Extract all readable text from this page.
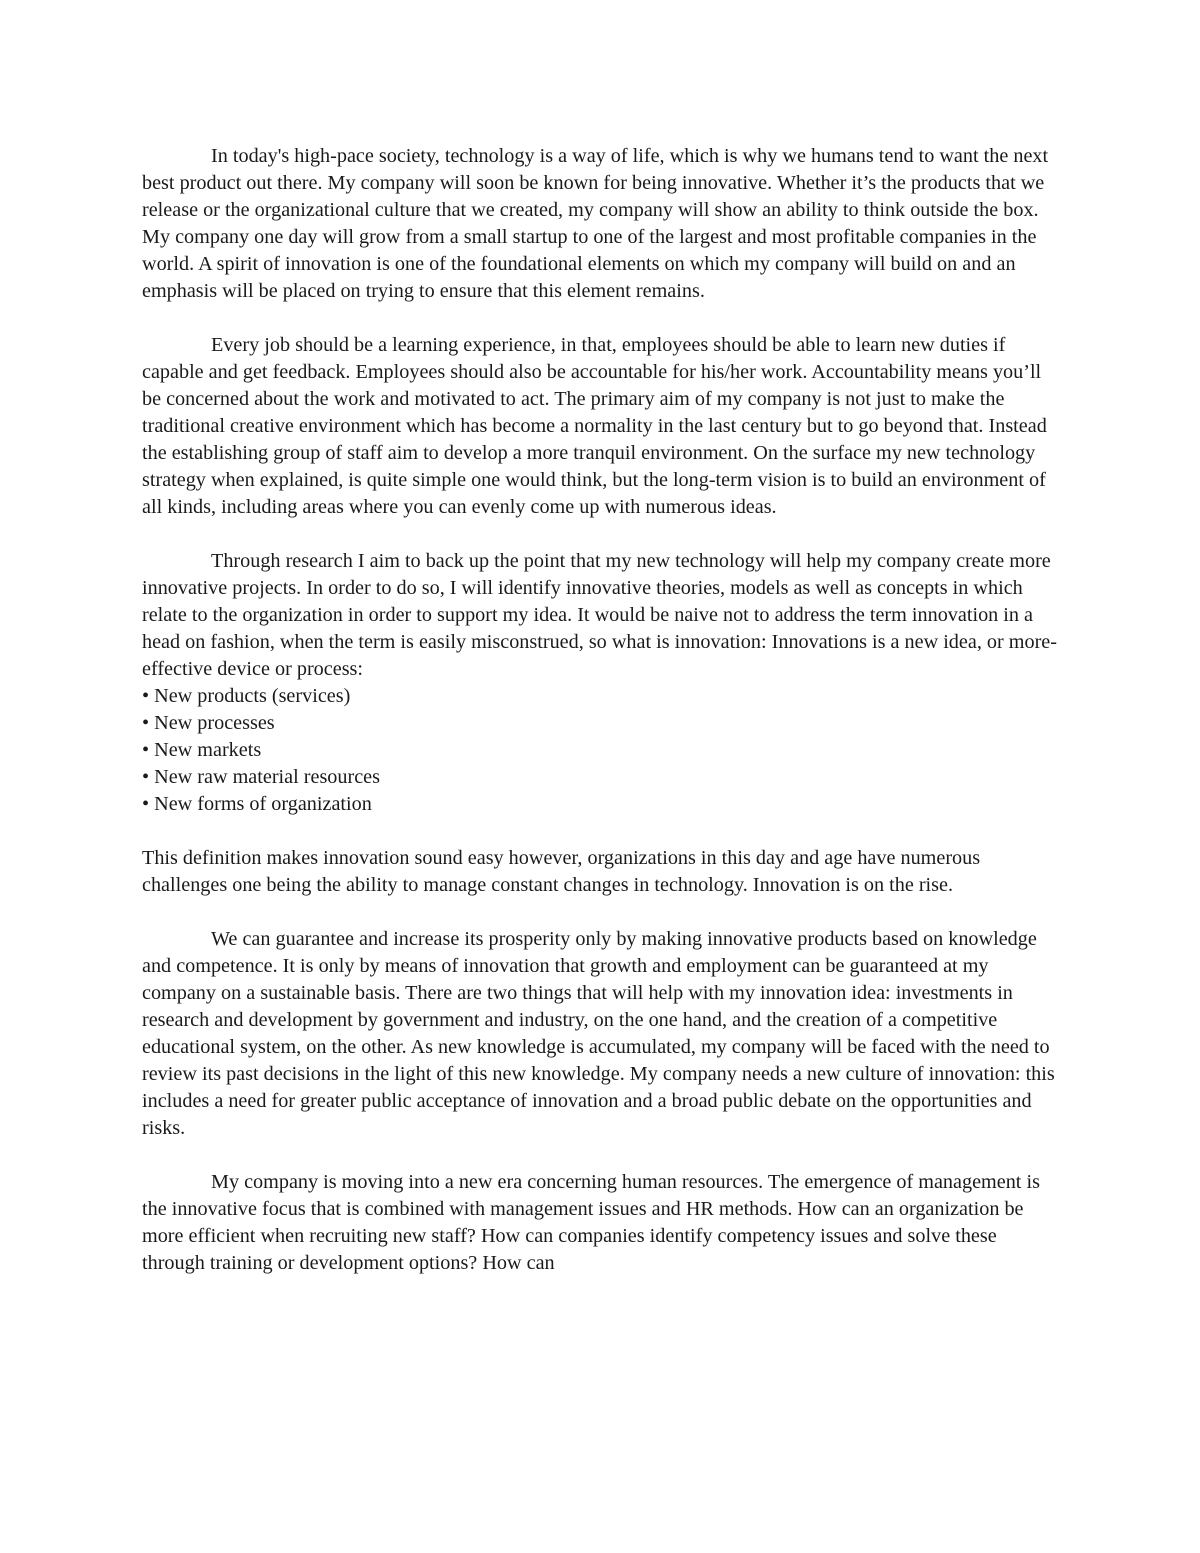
In today's high-pace society, technology is a way of life, which is why we humans tend to want the next best product out there. My company will soon be known for being innovative. Whether it’s the products that we release or the organizational culture that we created, my company will show an ability to think outside the box. My company one day will grow from a small startup to one of the largest and most profitable companies in the world. A spirit of innovation is one of the foundational elements on which my company will build on and an emphasis will be placed on trying to ensure that this element remains.

Every job should be a learning experience, in that, employees should be able to learn new duties if capable and get feedback. Employees should also be accountable for his/her work. Accountability means you’ll be concerned about the work and motivated to act. The primary aim of my company is not just to make the traditional creative environment which has become a normality in the last century but to go beyond that. Instead the establishing group of staff aim to develop a more tranquil environment. On the surface my new technology strategy when explained, is quite simple one would think, but the long-term vision is to build an environment of all kinds, including areas where you can evenly come up with numerous ideas.

Through research I aim to back up the point that my new technology will help my company create more innovative projects. In order to do so, I will identify innovative theories, models as well as concepts in which relate to the organization in order to support my idea. It would be naive not to address the term innovation in a head on fashion, when the term is easily misconstrued, so what is innovation: Innovations is a new idea, or more-effective device or process:

• New products (services)
• New processes
• New markets
• New raw material resources
• New forms of organization

This definition makes innovation sound easy however, organizations in this day and age have numerous challenges one being the ability to manage constant changes in technology. Innovation is on the rise.

We can guarantee and increase its prosperity only by making innovative products based on knowledge and competence. It is only by means of innovation that growth and employment can be guaranteed at my company on a sustainable basis. There are two things that will help with my innovation idea: investments in research and development by government and industry, on the one hand, and the creation of a competitive educational system, on the other. As new knowledge is accumulated, my company will be faced with the need to review its past decisions in the light of this new knowledge. My company needs a new culture of innovation: this includes a need for greater public acceptance of innovation and a broad public debate on the opportunities and risks.

My company is moving into a new era concerning human resources. The emergence of management is the innovative focus that is combined with management issues and HR methods. How can an organization be more efficient when recruiting new staff? How can companies identify competency issues and solve these through training or development options? How can
